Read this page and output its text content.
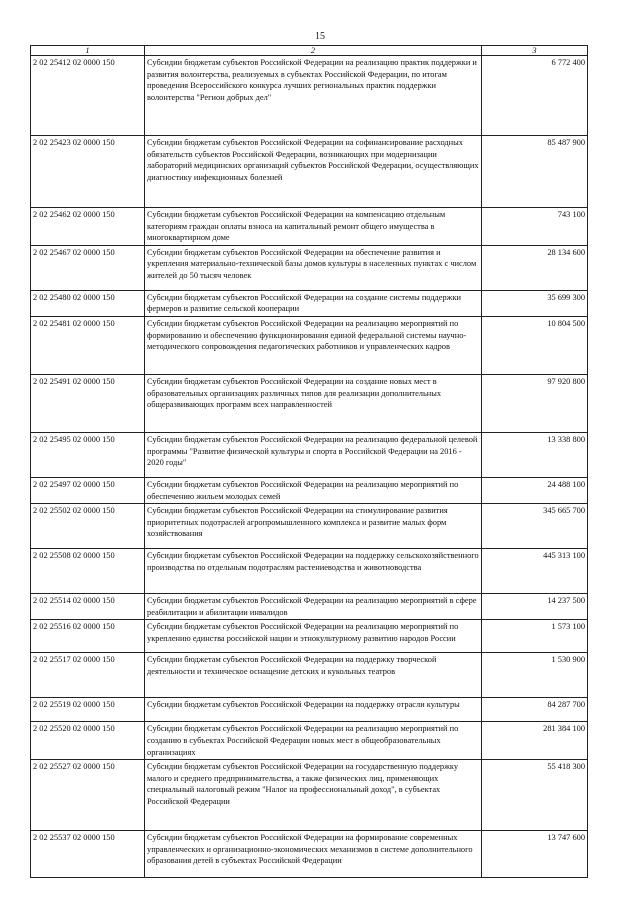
15
1	2	3
2 02 25412 02 0000 150	Субсидии бюджетам субъектов Российской Федерации на реализацию практик поддержки и развития волонтерства, реализуемых в субъектах Российской Федерации, по итогам проведения Всероссийского конкурса лучших региональных практик поддержки волонтерства "Регион добрых дел"	6 772 400
2 02 25423 02 0000 150	Субсидии бюджетам субъектов Российской Федерации на софинансирование расходных обязательств субъектов Российской Федерации, возникающих при модернизации лабораторий медицинских организаций субъектов Российской Федерации, осуществляющих диагностику инфекционных болезней	85 487 900
2 02 25462 02 0000 150	Субсидии бюджетам субъектов Российской Федерации на компенсацию отдельным категориям граждан оплаты взноса на капитальный ремонт общего имущества в многоквартирном доме	743 100
2 02 25467 02 0000 150	Субсидии бюджетам субъектов Российской Федерации на обеспечение развития и укрепления материально-технической базы домов культуры в населенных пунктах с числом жителей до 50 тысяч человек	28 134 600
2 02 25480 02 0000 150	Субсидии бюджетам субъектов Российской Федерации на создание системы поддержки фермеров и развитие сельской кооперации	35 699 300
2 02 25481 02 0000 150	Субсидии бюджетам субъектов Российской Федерации на реализацию мероприятий по формированию и обеспечению функционирования единой федеральной системы научно-методического сопровождения педагогических работников и управленческих кадров	10 804 500
2 02 25491 02 0000 150	Субсидии бюджетам субъектов Российской Федерации на создание новых мест в образовательных организациях различных типов для реализации дополнительных общеразвивающих программ всех направленностей	97 920 800
2 02 25495 02 0000 150	Субсидии бюджетам субъектов Российской Федерации на реализацию федеральной целевой программы "Развитие физической культуры и спорта в Российской Федерации на 2016 - 2020 годы"	13 338 800
2 02 25497 02 0000 150	Субсидии бюджетам субъектов Российской Федерации на реализацию мероприятий по обеспечению жильем молодых семей	24 488 100
2 02 25502 02 0000 150	Субсидии бюджетам субъектов Российской Федерации на стимулирование развития приоритетных подотраслей агропромышленного комплекса и развитие малых форм хозяйствования	345 665 700
2 02 25508 02 0000 150	Субсидии бюджетам субъектов Российской Федерации на поддержку сельскохозяйственного производства по отдельным подотраслям растениеводства и животноводства	445 313 100
2 02 25514 02 0000 150	Субсидии бюджетам субъектов Российской Федерации на реализацию мероприятий в сфере реабилитации и абилитации инвалидов	14 237 500
2 02 25516 02 0000 150	Субсидии бюджетам субъектов Российской Федерации на реализацию мероприятий по укреплению единства российской нации и этнокультурному развитию народов России	1 573 100
2 02 25517 02 0000 150	Субсидии бюджетам субъектов Российской Федерации на поддержку творческой деятельности и техническое оснащение детских и кукольных театров	1 530 900
2 02 25519 02 0000 150	Субсидии бюджетам субъектов Российской Федерации на поддержку отрасли культуры	84 287 700
2 02 25520 02 0000 150	Субсидии бюджетам субъектов Российской Федерации на реализацию мероприятий по созданию в субъектах Российской Федерации новых мест в общеобразовательных организациях	281 384 100
2 02 25527 02 0000 150	Субсидии бюджетам субъектов Российской Федерации на государственную поддержку малого и среднего предпринимательства, а также физических лиц, применяющих специальный налоговый режим "Налог на профессиональный доход", в субъектах Российской Федерации	55 418 300
2 02 25537 02 0000 150	Субсидии бюджетам субъектов Российской Федерации на формирование современных управленческих и организационно-экономических механизмов в системе дополнительного образования детей в субъектах Российской Федерации	13 747 600
